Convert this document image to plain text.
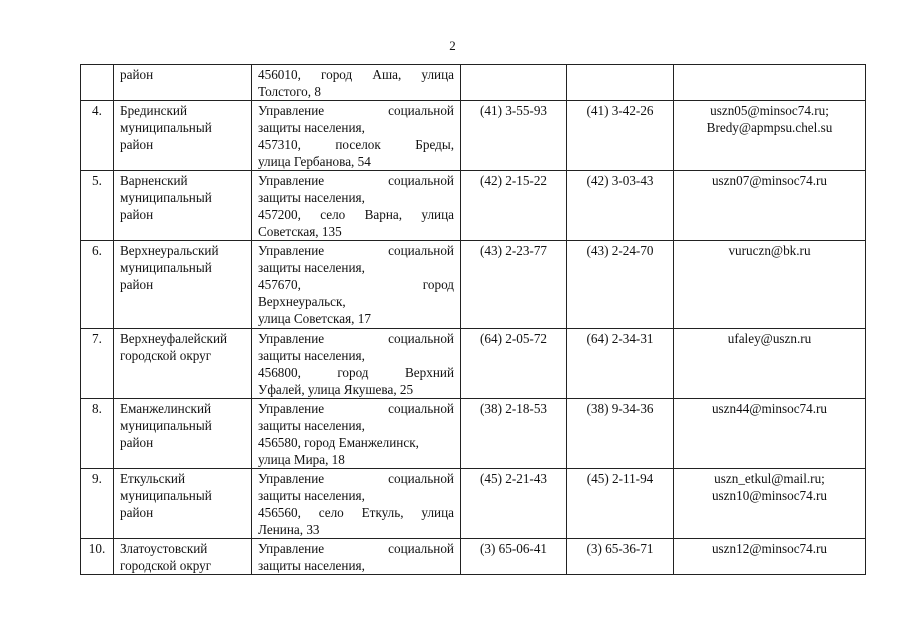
2

	район	456010, город Аша, улица
Толстого, 8			

4.	Брединский
муниципальный
район	Управление социальной
защиты населения,
457310, поселок Бреды,
улица Гербанова, 54	(41) 3-55-93	(41) 3-42-26	uszn05@minsoc74.ru;
Bredy@apmpsu.chel.su

5.	Варненский
муниципальный
район	Управление социальной
защиты населения,
457200, село Варна, улица
Советская, 135	(42) 2-15-22	(42) 3-03-43	uszn07@minsoc74.ru

6.	Верхнеуральский
муниципальный
район	Управление социальной
защиты населения,
457670, город
Верхнеуральск,
улица Советская, 17	(43) 2-23-77	(43) 2-24-70	vuruczn@bk.ru

7.	Верхнеуфалейский
городской округ	Управление социальной
защиты населения,
456800, город Верхний
Уфалей, улица Якушева, 25	(64) 2-05-72	(64) 2-34-31	ufaley@uszn.ru

8.	Еманжелинский
муниципальный
район	Управление социальной
защиты населения,
456580, город Еманжелинск,
улица Мира, 18	(38) 2-18-53	(38) 9-34-36	uszn44@minsoc74.ru

9.	Еткульский
муниципальный
район	Управление социальной
защиты населения,
456560, село Еткуль, улица
Ленина, 33	(45) 2-21-43	(45) 2-11-94	uszn_etkul@mail.ru;
uszn10@minsoc74.ru

10.	Златоустовский
городской округ	Управление социальной
защиты населения,	(3) 65-06-41	(3) 65-36-71	uszn12@minsoc74.ru
